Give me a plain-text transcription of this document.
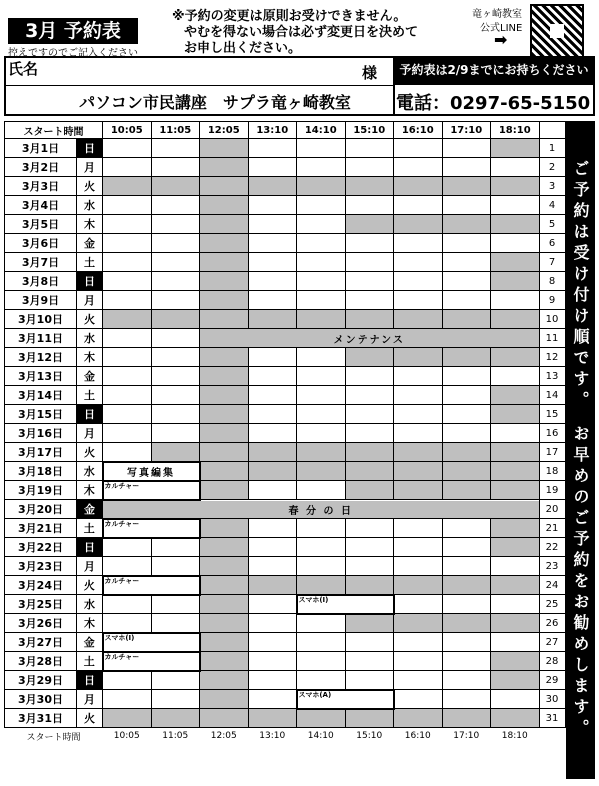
3月 予約表
控えですのでご記入ください
※予約の変更は原則お受けできません。
やむを得ない場合は必ず変更日を決めて
お申し出ください。
竜ヶ崎教室
公式LINE
➡
氏名	様
パソコン市民講座　サプラ竜ヶ崎教室
予約表は2/9までにお持ちください
電話：0297-65-5150
スタート時間		10:05	11:05	12:05	13:10	14:10	15:10	16:10	17:10	18:10	
3月1日	日										1
3月2日	月										2
3月3日	火										3
3月4日	水										4
3月5日	木										5
3月6日	金										6
3月7日	土										7
3月8日	日										8
3月9日	月										9
3月10日	火										10
3月11日	水			メンテナンス							11
3月12日	木										12
3月13日	金										13
3月14日	土										14
3月15日	日										15
3月16日	月										16
3月17日	火										17
3月18日	水	写真編集									18
3月19日	木	カルチャー									19
3月20日	金	春 分 の 日									20
3月21日	土	カルチャー									21
3月22日	日										22
3月23日	月										23
3月24日	火	カルチャー									24
3月25日	水					スマホ(I)					25
3月26日	木										26
3月27日	金	スマホ(I)									27
3月28日	土	カルチャー									28
3月29日	日										29
3月30日	月					スマホ(A)					30
3月31日	火										31
スタート時間		10:05	11:05	12:05	13:10	14:10	15:10	16:10	17:10	18:10		ご予約は受け付け順です。　お早めのご予約をお勧めします。
